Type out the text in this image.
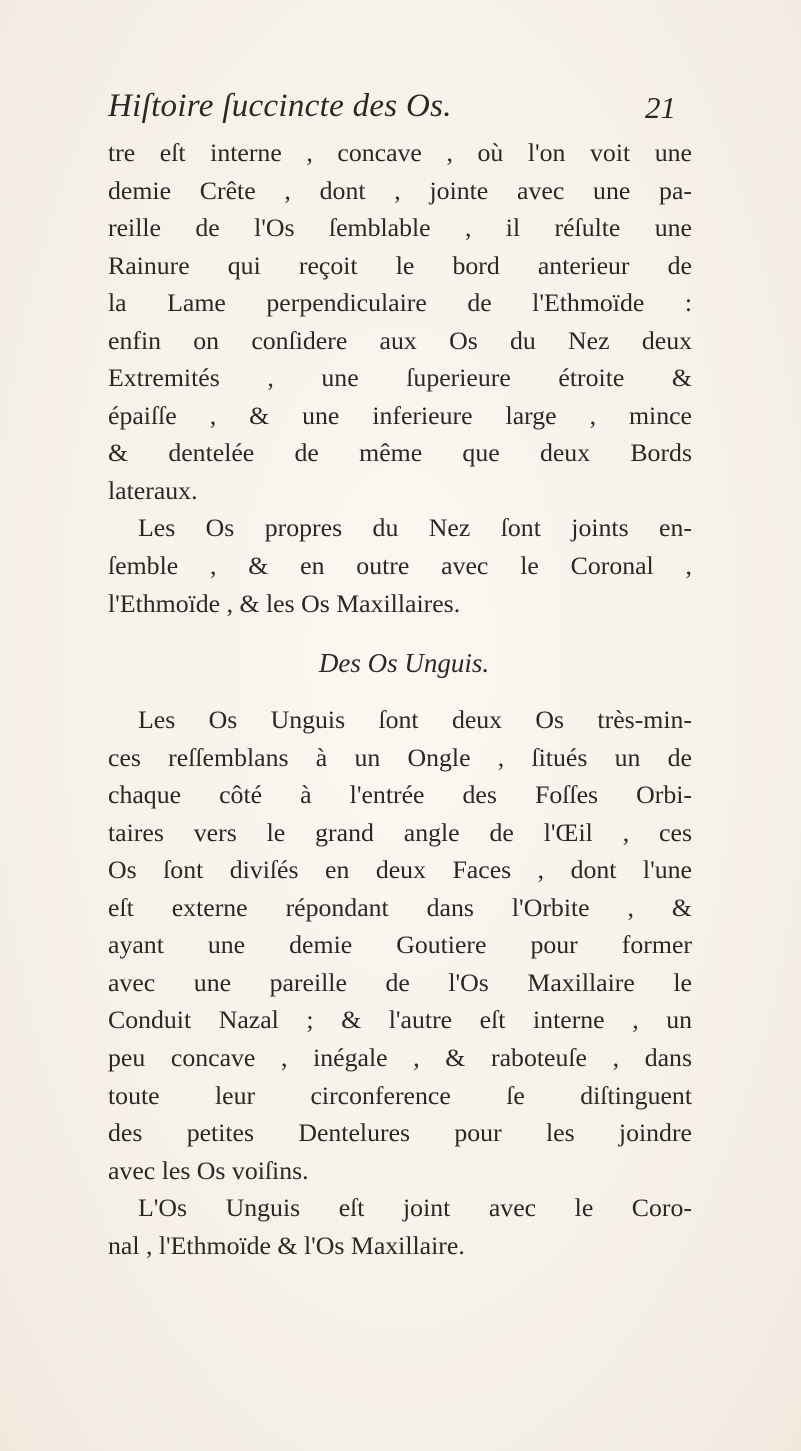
Hiſtoire ſuccincte des Os.	21
tre eſt interne , concave , où l'on voit une
demie Crête , dont , jointe avec une pa-
reille de l'Os ſemblable , il réſulte une
Rainure qui reçoit le bord anterieur de
la Lame perpendiculaire de l'Ethmoïde :
enfin on conſidere aux Os du Nez deux
Extremités , une ſuperieure étroite &
épaiſſe , & une inferieure large , mince
& dentelée de même que deux Bords
lateraux.
Les Os propres du Nez ſont joints en-
ſemble , & en outre avec le Coronal ,
l'Ethmoïde , & les Os Maxillaires.
Des Os Unguis.
Les Os Unguis ſont deux Os très-min-
ces reſſemblans à un Ongle , ſitués un de
chaque côté à l'entrée des Foſſes Orbi-
taires vers le grand angle de l'Œil , ces
Os ſont diviſés en deux Faces , dont l'une
eſt externe répondant dans l'Orbite , &
ayant une demie Goutiere pour former
avec une pareille de l'Os Maxillaire le
Conduit Nazal ; & l'autre eſt interne , un
peu concave , inégale , & raboteuſe , dans
toute leur circonference ſe diſtinguent
des petites Dentelures pour les joindre
avec les Os voiſins.
L'Os Unguis eſt joint avec le Coro-
nal , l'Ethmoïde & l'Os Maxillaire.
